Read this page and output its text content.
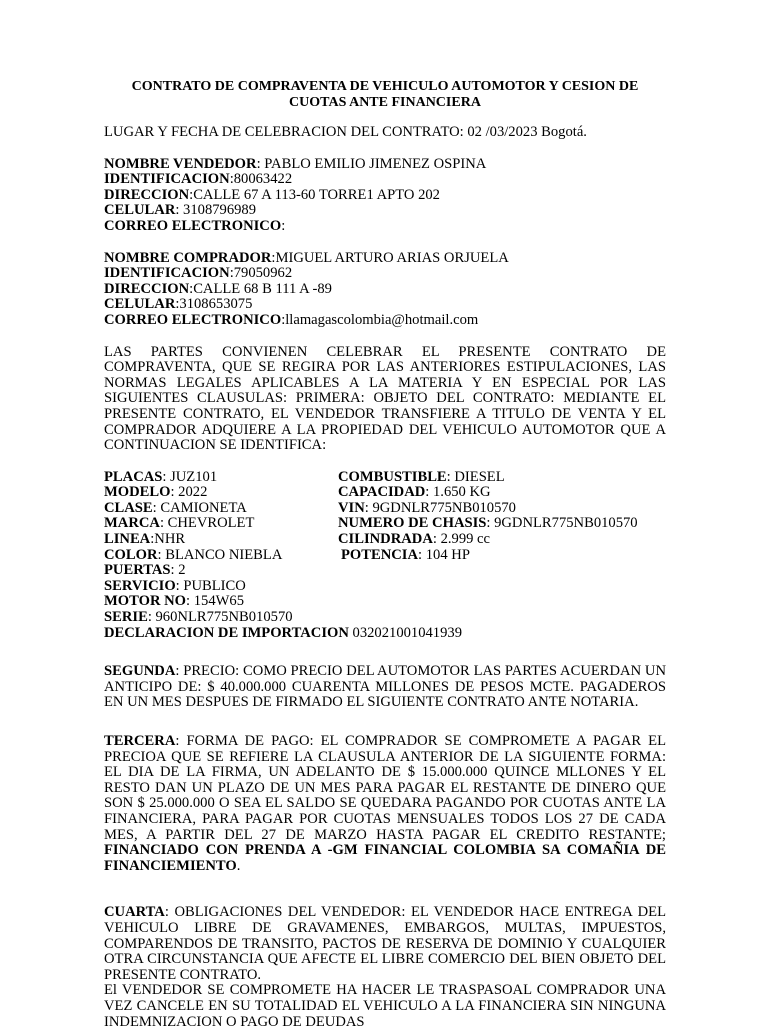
CONTRATO DE COMPRAVENTA DE VEHICULO AUTOMOTOR Y CESION DE
CUOTAS ANTE FINANCIERA

LUGAR Y FECHA DE CELEBRACION DEL CONTRATO: 02 /03/2023 Bogotá.

NOMBRE VENDEDOR: PABLO EMILIO JIMENEZ OSPINA

IDENTIFICACION:80063422

DIRECCION:CALLE 67 A 113-60 TORRE1 APTO 202

CELULAR: 3108796989

CORREO ELECTRONICO:

NOMBRE COMPRADOR:MIGUEL ARTURO ARIAS ORJUELA

IDENTIFICACION:79050962

DIRECCION:CALLE 68 B 111 A -89

CELULAR:3108653075

CORREO ELECTRONICO:llamagascolombia@hotmail.com

LAS PARTES CONVIENEN CELEBRAR EL PRESENTE CONTRATO DE COMPRAVENTA, QUE SE REGIRA POR LAS ANTERIORES ESTIPULACIONES, LAS NORMAS LEGALES APLICABLES A LA MATERIA Y EN ESPECIAL POR LAS SIGUIENTES CLAUSULAS: PRIMERA: OBJETO DEL CONTRATO: MEDIANTE EL PRESENTE CONTRATO, EL VENDEDOR TRANSFIERE A TITULO DE VENTA Y EL COMPRADOR ADQUIERE A LA PROPIEDAD DEL VEHICULO AUTOMOTOR QUE A CONTINUACION SE IDENTIFICA:

PLACAS: JUZ101	COMBUSTIBLE: DIESEL
MODELO: 2022	CAPACIDAD: 1.650 KG
CLASE: CAMIONETA	VIN: 9GDNLR775NB010570
MARCA: CHEVROLET	NUMERO DE CHASIS: 9GDNLR775NB010570
LINEA:NHR	CILINDRADA: 2.999 cc
COLOR: BLANCO NIEBLA	POTENCIA: 104 HP

PUERTAS: 2

SERVICIO: PUBLICO

MOTOR NO: 154W65

SERIE: 960NLR775NB010570

DECLARACION DE IMPORTACION 032021001041939

SEGUNDA: PRECIO: COMO PRECIO DEL AUTOMOTOR LAS PARTES ACUERDAN UN ANTICIPO DE: $ 40.000.000 CUARENTA MILLONES DE PESOS MCTE. PAGADEROS EN UN MES DESPUES DE FIRMADO EL SIGUIENTE CONTRATO ANTE NOTARIA.

TERCERA: FORMA DE PAGO: EL COMPRADOR SE COMPROMETE A PAGAR EL PRECIOA QUE SE REFIERE LA CLAUSULA ANTERIOR DE LA SIGUIENTE FORMA: EL DIA DE LA FIRMA, UN ADELANTO DE $ 15.000.000 QUINCE MLLONES Y EL RESTO DAN UN PLAZO DE UN MES PARA PAGAR EL RESTANTE DE DINERO QUE SON $ 25.000.000 O SEA EL SALDO SE QUEDARA PAGANDO POR CUOTAS ANTE LA FINANCIERA, PARA PAGAR POR CUOTAS MENSUALES TODOS LOS 27 DE CADA MES, A PARTIR DEL 27 DE MARZO HASTA PAGAR EL CREDITO RESTANTE; FINANCIADO CON PRENDA A -GM FINANCIAL COLOMBIA SA COMAÑIA DE FINANCIEMIENTO.

CUARTA: OBLIGACIONES DEL VENDEDOR: EL VENDEDOR HACE ENTREGA DEL VEHICULO LIBRE DE GRAVAMENES, EMBARGOS, MULTAS, IMPUESTOS, COMPARENDOS DE TRANSITO, PACTOS DE RESERVA DE DOMINIO Y CUALQUIER OTRA CIRCUNSTANCIA QUE AFECTE EL LIBRE COMERCIO DEL BIEN OBJETO DEL PRESENTE CONTRATO.

El VENDEDOR SE COMPROMETE HA HACER LE TRASPASOAL COMPRADOR UNA VEZ CANCELE EN SU TOTALIDAD EL VEHICULO A LA FINANCIERA SIN NINGUNA INDEMNIZACION O PAGO DE DEUDAS
